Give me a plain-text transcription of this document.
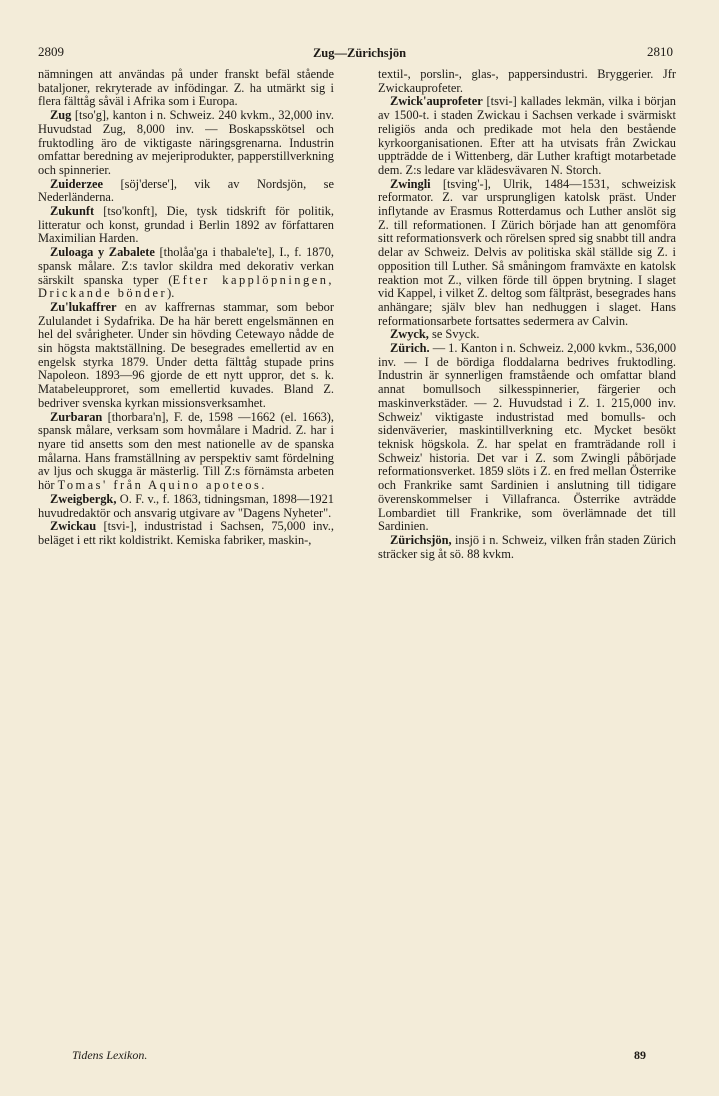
2809	Zug—Zürichsjön	2810

nämningen att användas på under franskt befäl stående bataljoner, rekryterade av infödingar. Z. ha utmärkt sig i flera fälttåg såväl i Afrika som i Europa.

Zug [tso'g], kanton i n. Schweiz. 240 kvkm., 32,000 inv. Huvudstad Zug, 8,000 inv. — Boskapsskötsel och fruktodling äro de viktigaste näringsgrenarna. Industrin omfattar beredning av mejeriprodukter, papperstillverkning och spinnerier.

Zuiderzee [söj'derse'], vik av Nordsjön, se Nederländerna.

Zukunft [tso'konft], Die, tysk tidskrift för politik, litteratur och konst, grundad i Berlin 1892 av författaren Maximilian Harden.

Zuloaga y Zabalete [tholåa'ga i thabale'te], I., f. 1870, spansk målare. Z:s tavlor skildra med dekorativ verkan särskilt spanska typer (Efter kapplöpningen, Drickande bönder).

Zu'lukaffrer en av kaffrernas stammar, som bebor Zululandet i Sydafrika. De ha här berett engelsmännen en hel del svårigheter. Under sin hövding Cetewayo nådde de sin högsta maktställning. De besegrades emellertid av en engelsk styrka 1879. Under detta fälttåg stupade prins Napoleon. 1893—96 gjorde de ett nytt uppror, det s. k. Matabeleupproret, som emellertid kuvades. Bland Z. bedriver svenska kyrkan missionsverksamhet.

Zurbaran [thorbara'n], F. de, 1598 —1662 (el. 1663), spansk målare, verksam som hovmålare i Madrid. Z. har i nyare tid ansetts som den mest nationelle av de spanska målarna. Hans framställning av perspektiv samt fördelning av ljus och skugga är mästerlig. Till Z:s förnämsta arbeten hör Tomas' från Aquino apoteos.

Zweigbergk, O. F. v., f. 1863, tidningsman, 1898—1921 huvudredaktör och ansvarig utgivare av "Dagens Nyheter".

Zwickau [tsvi-], industristad i Sachsen, 75,000 inv., beläget i ett rikt koldistrikt. Kemiska fabriker, maskin-,

textil-, porslin-, glas-, pappersindustri. Bryggerier. Jfr Zwickauprofeter.

Zwick'auprofeter [tsvi-] kallades lekmän, vilka i början av 1500-t. i staden Zwickau i Sachsen verkade i svärmiskt religiös anda och predikade mot hela den bestående kyrkoorganisationen. Efter att ha utvisats från Zwickau uppträdde de i Wittenberg, där Luther kraftigt motarbetade dem. Z:s ledare var klädesvävaren N. Storch.

Zwingli [tsving'-], Ulrik, 1484—1531, schweizisk reformator. Z. var ursprungligen katolsk präst. Under inflytande av Erasmus Rotterdamus och Luther anslöt sig Z. till reformationen. I Zürich började han att genomföra sitt reformationsverk och rörelsen spred sig snabbt till andra delar av Schweiz. Delvis av politiska skäl ställde sig Z. i opposition till Luther. Så småningom framväxte en katolsk reaktion mot Z., vilken förde till öppen brytning. I slaget vid Kappel, i vilket Z. deltog som fältpräst, besegrades hans anhängare; själv blev han nedhuggen i slaget. Hans reformationsarbete fortsattes sedermera av Calvin.

Zwyck, se Svyck.

Zürich. — 1. Kanton i n. Schweiz. 2,000 kvkm., 536,000 inv. — I de bördiga floddalarna bedrives fruktodling. Industrin är synnerligen framstående och omfattar bland annat bomullsoch silkesspinnerier, färgerier och maskinverkstäder. — 2. Huvudstad i Z. 1. 215,000 inv. Schweiz' viktigaste industristad med bomulls- och sidenväverier, maskintillverkning etc. Mycket besökt teknisk högskola. Z. har spelat en framträdande roll i Schweiz' historia. Det var i Z. som Zwingli påbörjade reformationsverket. 1859 slöts i Z. en fred mellan Österrike och Frankrike samt Sardinien i anslutning till tidigare överenskommelser i Villafranca. Österrike avträdde Lombardiet till Frankrike, som överlämnade det till Sardinien.

Zürichsjön, insjö i n. Schweiz, vilken från staden Zürich sträcker sig åt sö. 88 kvkm.

Tidens Lexikon.	89
